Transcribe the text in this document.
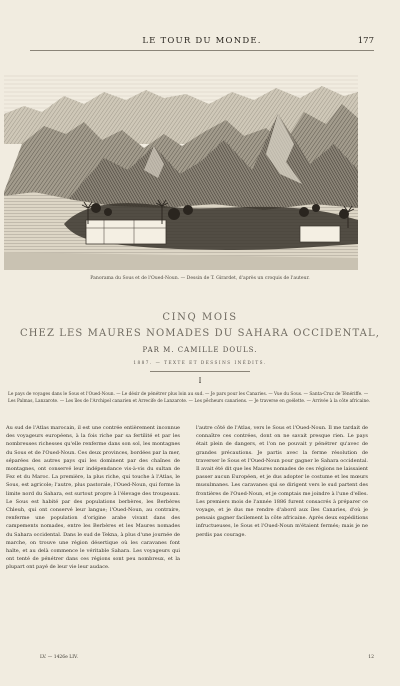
LE TOUR DU MONDE.	177
Panorama du Sous et de l'Oued-Noun. — Dessin de T. Girardet, d'après un croquis de l'auteur.
CINQ MOIS
CHEZ LES MAURES NOMADES DU SAHARA OCCIDENTAL,
PAR M. CAMILLE DOULS.
1887. — TEXTE ET DESSINS INÉDITS.
I
Le pays de voyages dans le Sous et l'Oued-Noun. — Le désir de pénétrer plus loin au sud. — Je pars pour les Canaries. — Vue du Sous. — Santa-Cruz de Ténériffe. — Les Palmas, Lanzarote. — Les îles de l'Archipel canarien et Arrecife de Lanzarote. — Les pêcheurs canariens. — Je traverse en goélette. — Arrivée à la côte africaine.
Au sud de l'Atlas marocain, il est une contrée entièrement inconnue des voyageurs européens, à la fois riche par sa fertilité et par les nombreuses richesses qu'elle renferme dans son sol, les montagnes du Sous et de l'Oued-Noun. Ces deux provinces, bordées par la mer, séparées des autres pays qui les dominent par des chaînes de montagnes, ont conservé leur indépendance vis-à-vis du sultan de Fez et du Maroc. La première, la plus riche, qui touche à l'Atlas, le Sous, est agricole; l'autre, plus pastorale, l'Oued-Noun, qui forme la limite nord du Sahara, est surtout propre à l'élevage des troupeaux. Le Sous est habité par des populations berbères, les Berbères Chleuh, qui ont conservé leur langue; l'Oued-Noun, au contraire, renferme une population d'origine arabe vivant dans des campements nomades, entre les Berbères et les Maures nomades du Sahara occidental. Dans le sud de Tekna, à plus d'une journée de marche, on trouve une région désertique où les caravanes font halte, et au delà commence le véritable Sahara. Les voyageurs qui ont tenté de pénétrer dans ces régions sont peu nombreux, et la plupart ont payé de leur vie leur audace.
l'autre côté de l'Atlas, vers le Sous et l'Oued-Noun. Il me tardait de connaître ces contrées, dont on ne savait presque rien. Le pays était plein de dangers, et l'on ne pouvait y pénétrer qu'avec de grandes précautions. Je partis avec la ferme résolution de traverser le Sous et l'Oued-Noun pour gagner le Sahara occidental. Il avait été dit que les Maures nomades de ces régions ne laissaient passer aucun Européen, et je dus adopter le costume et les mœurs musulmanes. Les caravanes qui se dirigent vers le sud partent des frontières de l'Oued-Noun, et je comptais me joindre à l'une d'elles. Les premiers mois de l'année 1886 furent consacrés à préparer ce voyage, et je dus me rendre d'abord aux îles Canaries, d'où je pensais gagner facilement la côte africaine. Après deux expéditions infructueuses, le Sous et l'Oued-Noun m'étaient fermés; mais je ne perdis pas courage.
LV. — 1426e LIV.	12
